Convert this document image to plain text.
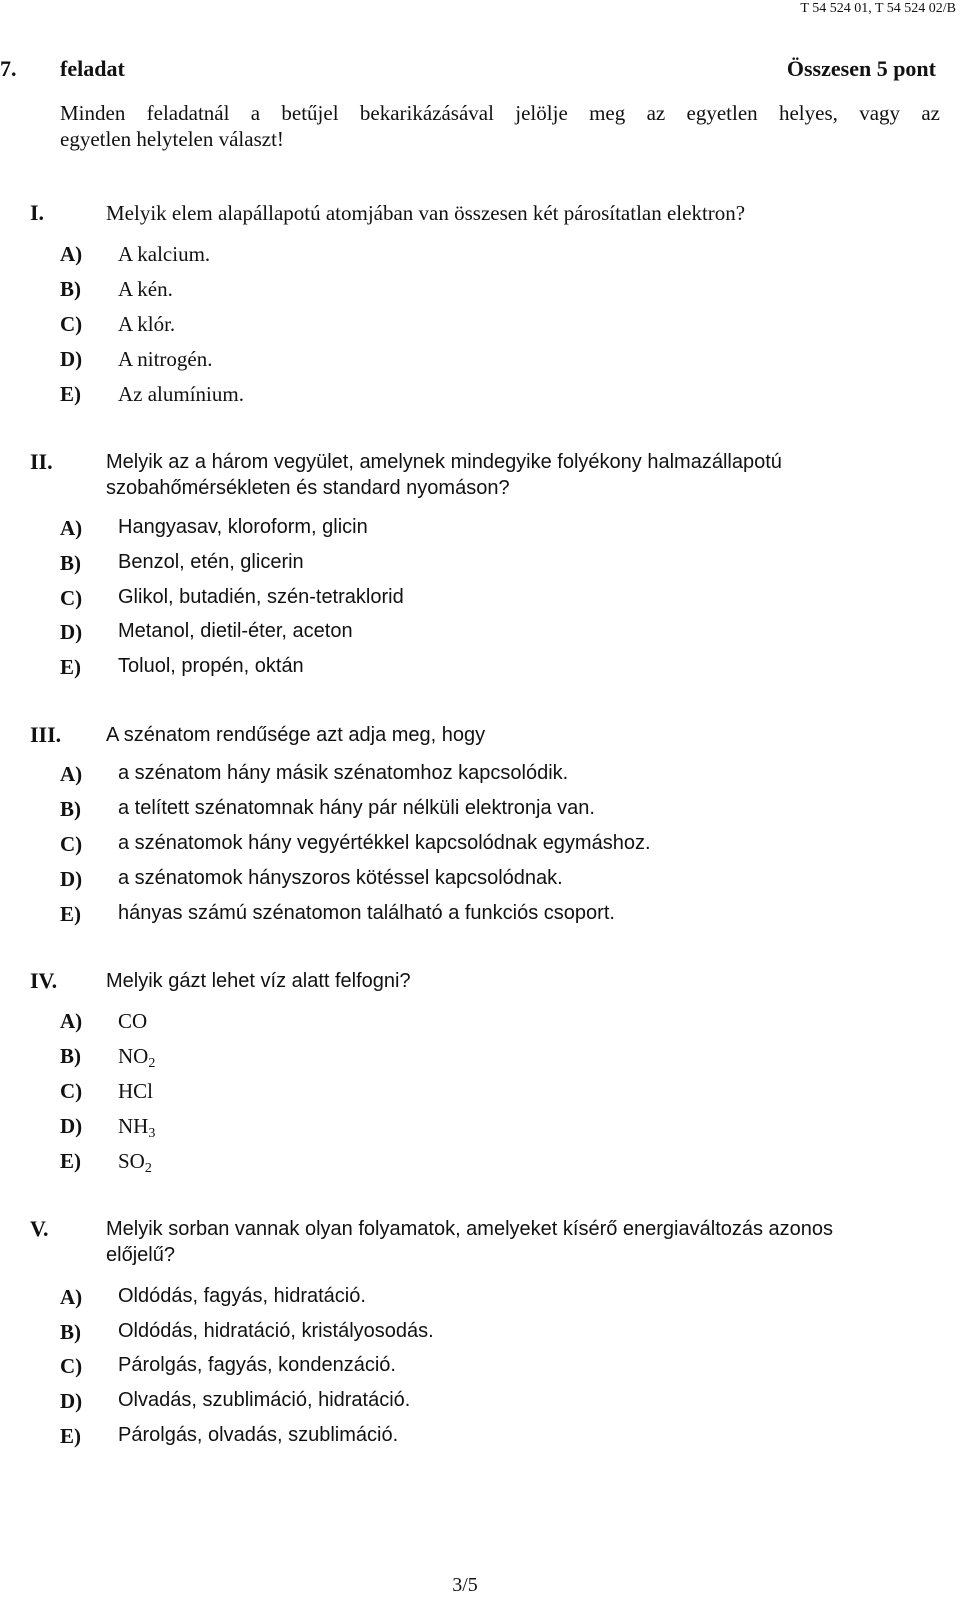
T 54 524 01, T 54 524 02/B
7. feladat	Összesen 5 pont
Minden feladatnál a betűjel bekarikázásával jelölje meg az egyetlen helyes, vagy az
egyetlen helytelen választ!
I.	Melyik elem alapállapotú atomjában van összesen két párosítatlan elektron?
A) A kalcium.
B) A kén.
C) A klór.
D) A nitrogén.
E) Az alumínium.
II.	Melyik az a három vegyület, amelynek mindegyike folyékony halmazállapotú
szobahőmérsékleten és standard nyomáson?
A) Hangyasav, kloroform, glicin
B) Benzol, etén, glicerin
C) Glikol, butadién, szén-tetraklorid
D) Metanol, dietil-éter, aceton
E) Toluol, propén, oktán
III. A szénatom rendűsége azt adja meg, hogy
A) a szénatom hány másik szénatomhoz kapcsolódik.
B) a telített szénatomnak hány pár nélküli elektronja van.
C) a szénatomok hány vegyértékkel kapcsolódnak egymáshoz.
D) a szénatomok hányszoros kötéssel kapcsolódnak.
E) hányas számú szénatomon található a funkciós csoport.
IV. Melyik gázt lehet víz alatt felfogni?
A) CO
B) $NO_2$
C) HCl
D) $NH_3$
E) $SO_2$
V.	Melyik sorban vannak olyan folyamatok, amelyeket kísérő energiaváltozás azonos
előjelű?
A) Oldódás, fagyás, hidratáció.
B) Oldódás, hidratáció, kristályosodás.
C) Párolgás, fagyás, kondenzáció.
D) Olvadás, szublimáció, hidratáció.
E) Párolgás, olvadás, szublimáció.
3/5
